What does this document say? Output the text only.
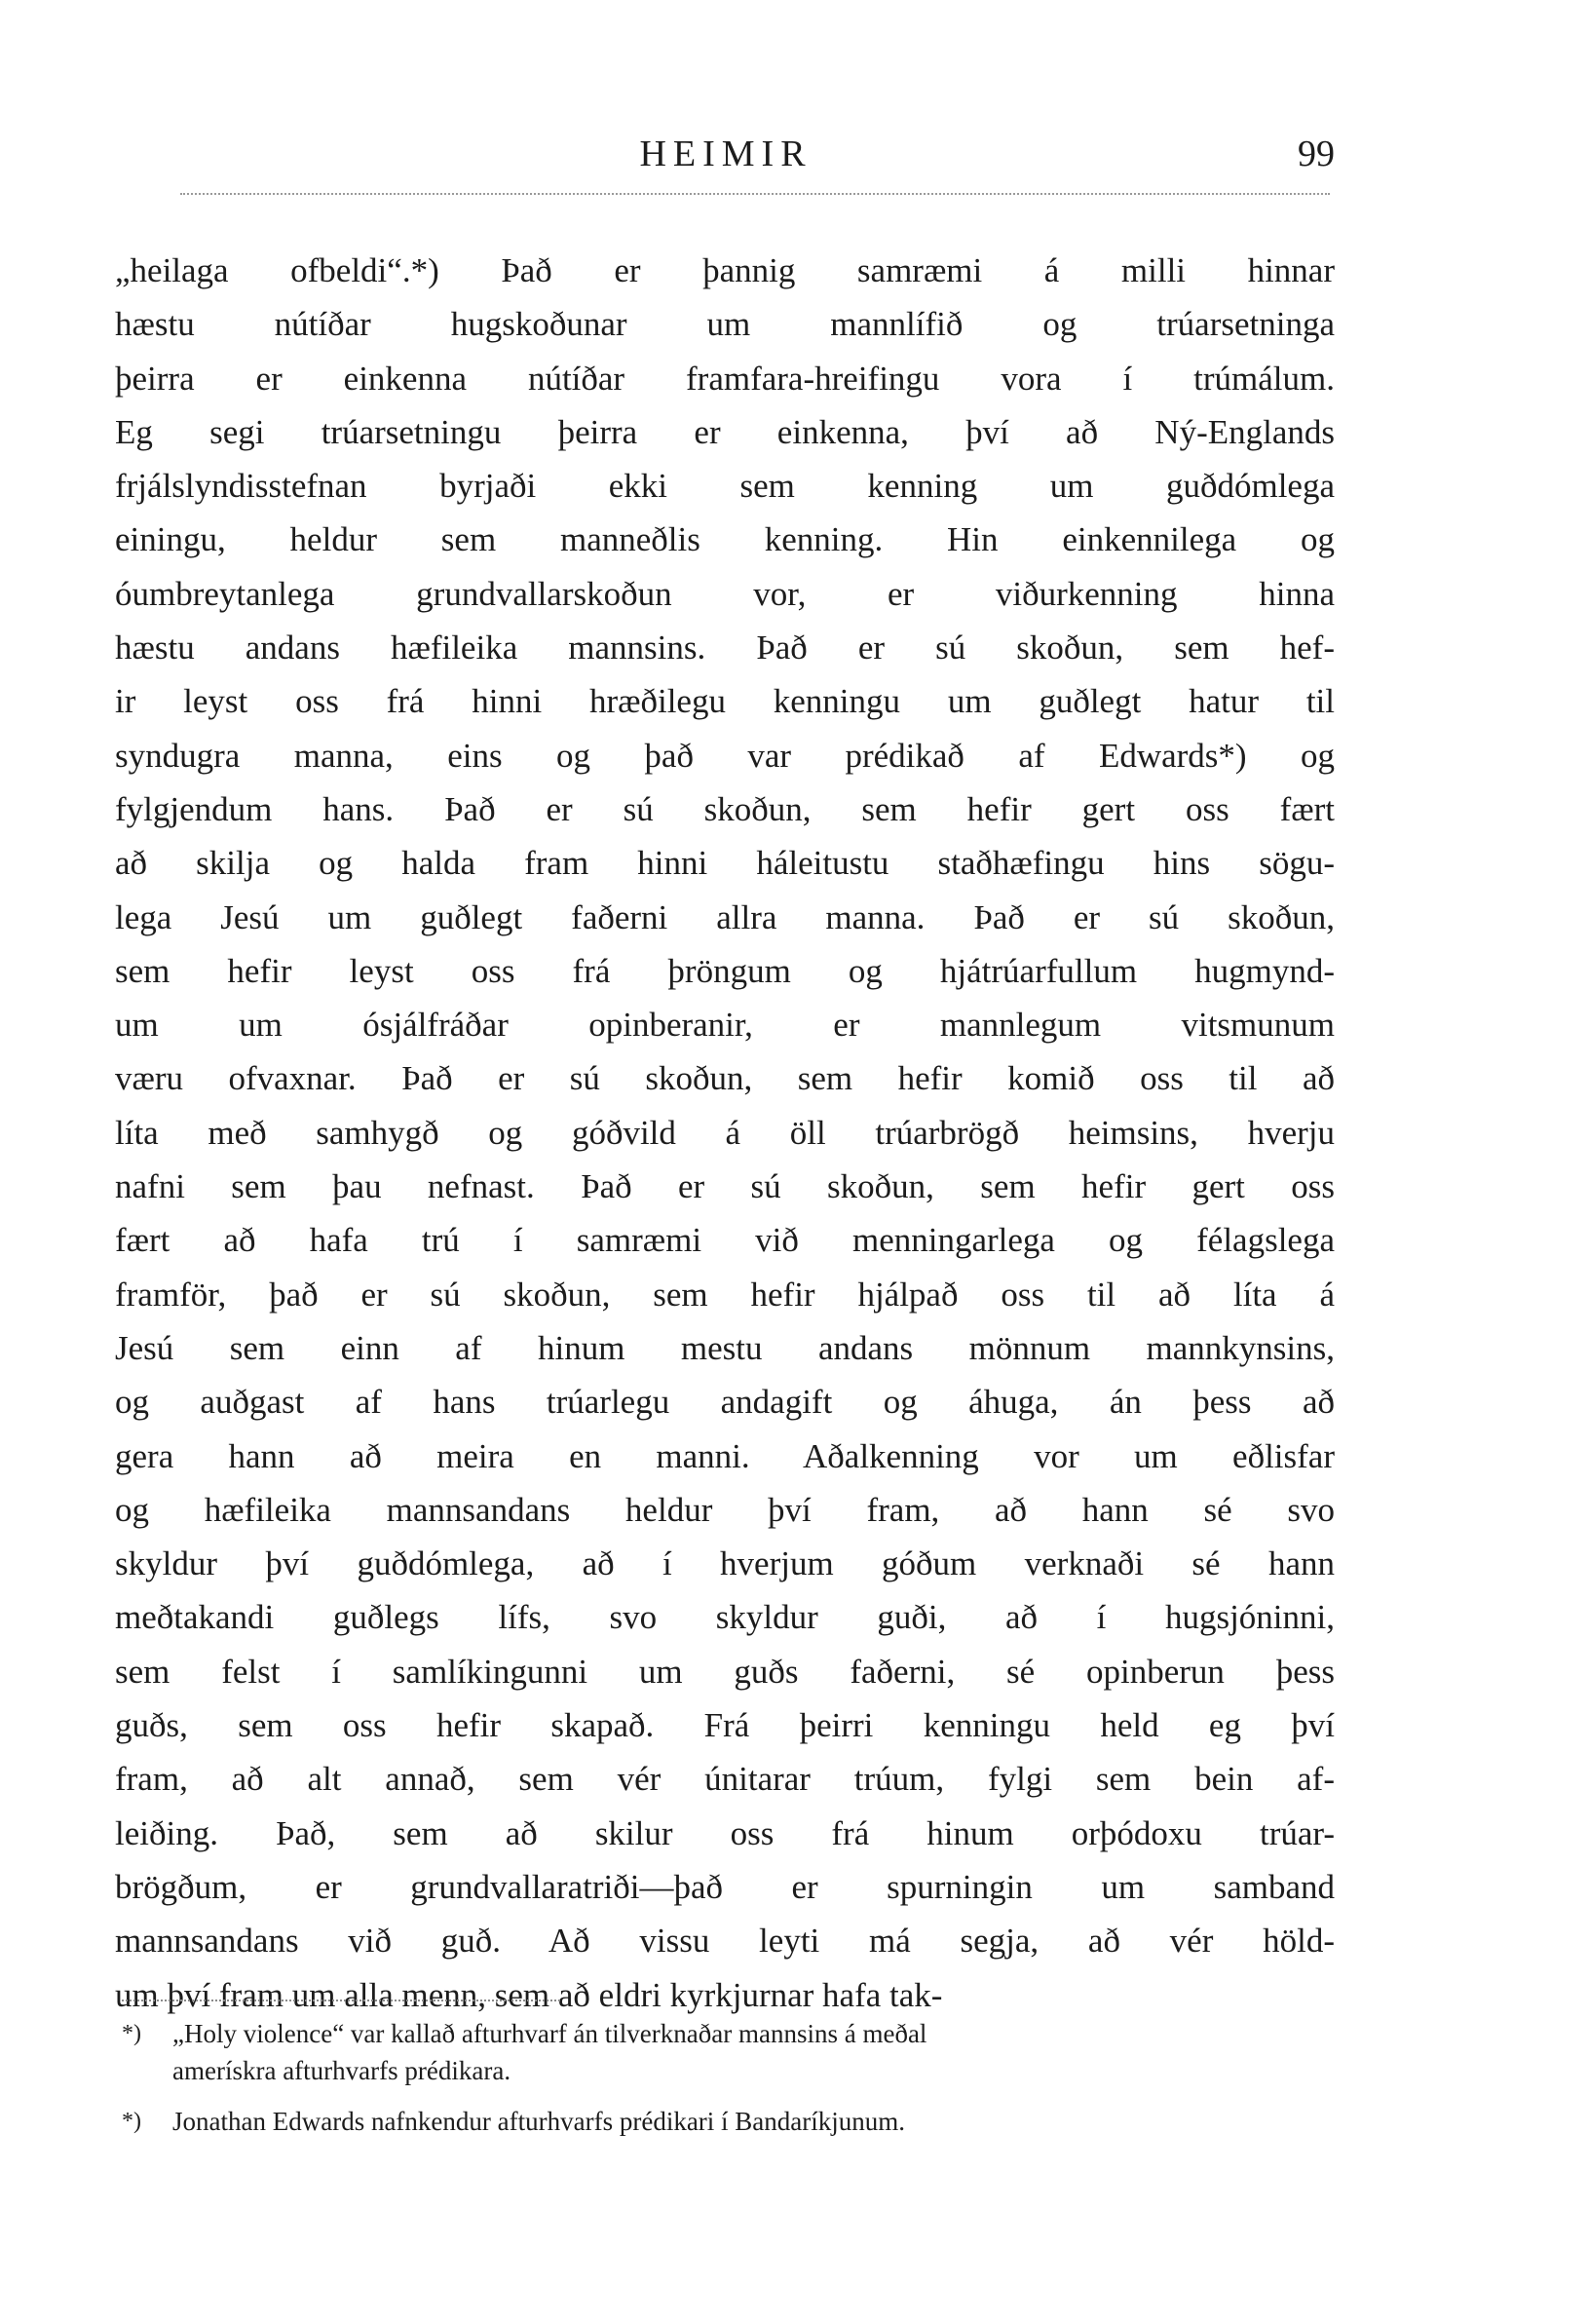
HEIMIR	99
„heilaga ofbeldi“.*) Það er þannig samræmi á milli hinnar
hæstu nútíðar hugskoðunar um mannlífið og trúarsetninga
þeirra er einkenna nútíðar framfara-hreifingu vora í trúmálum.
Eg segi trúarsetningu þeirra er einkenna, því að Ný-Englands
frjálslyndisstefnan byrjaði ekki sem kenning um guðdómlega
einingu, heldur sem manneðlis kenning. Hin einkennilega og
óumbreytanlega grundvallarskoðun vor, er viðurkenning hinna
hæstu andans hæfileika mannsins. Það er sú skoðun, sem hef-
ir leyst oss frá hinni hræðilegu kenningu um guðlegt hatur til
syndugra manna, eins og það var prédikað af Edwards*) og
fylgjendum hans. Það er sú skoðun, sem hefir gert oss fært
að skilja og halda fram hinni háleitustu staðhæfingu hins sögu-
lega Jesú um guðlegt faðerni allra manna. Það er sú skoðun,
sem hefir leyst oss frá þröngum og hjátrúarfullum hugmynd-
um um ósjálfráðar opinberanir, er mannlegum vitsmunum
væru ofvaxnar. Það er sú skoðun, sem hefir komið oss til að
líta með samhygð og góðvild á öll trúarbrögð heimsins, hverju
nafni sem þau nefnast. Það er sú skoðun, sem hefir gert oss
fært að hafa trú í samræmi við menningarlega og félagslega
framför, það er sú skoðun, sem hefir hjálpað oss til að líta á
Jesú sem einn af hinum mestu andans mönnum mannkynsins,
og auðgast af hans trúarlegu andagift og áhuga, án þess að
gera hann að meira en manni. Aðalkenning vor um eðlisfar
og hæfileika mannsandans heldur því fram, að hann sé svo
skyldur því guðdómlega, að í hverjum góðum verknaði sé hann
meðtakandi guðlegs lífs, svo skyldur guði, að í hugsjóninni,
sem felst í samlíkingunni um guðs faðerni, sé opinberun þess
guðs, sem oss hefir skapað. Frá þeirri kenningu held eg því
fram, að alt annað, sem vér únitarar trúum, fylgi sem bein af-
leiðing. Það, sem að skilur oss frá hinum orþódoxu trúar-
brögðum, er grundvallaratriði—það er spurningin um samband
mannsandans við guð. Að vissu leyti má segja, að vér höld-
um því fram um alla menn, sem að eldri kyrkjurnar hafa tak-
*) „Holy violence“ var kallað afturhvarf án tilverknaðar mannsins á meðal
amerískra afturhvarfs prédikara.
*) Jonathan Edwards nafnkendur afturhvarfs prédikari í Bandaríkjunum.
